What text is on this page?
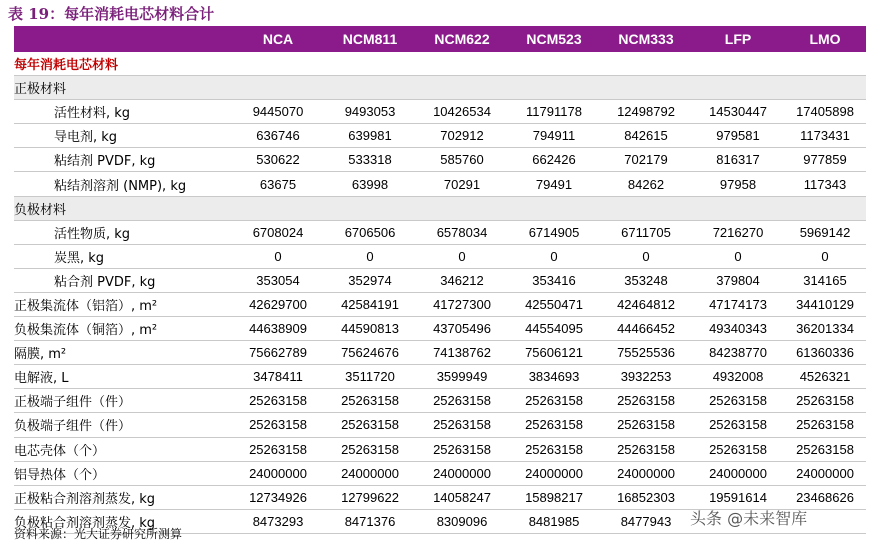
表 19：每年消耗电芯材料合计
	NCA	NCM811	NCM622	NCM523	NCM333	LFP	LMO
每年消耗电芯材料							
正极材料							
活性材料, kg	9445070	9493053	10426534	11791178	12498792	14530447	17405898
导电剂, kg	636746	639981	702912	794911	842615	979581	1173431
粘结剂 PVDF, kg	530622	533318	585760	662426	702179	816317	977859
粘结剂溶剂 (NMP), kg	63675	63998	70291	79491	84262	97958	117343
负极材料							
活性物质, kg	6708024	6706506	6578034	6714905	6711705	7216270	5969142
炭黑, kg	0	0	0	0	0	0	0
粘合剂 PVDF, kg	353054	352974	346212	353416	353248	379804	314165
正极集流体（铝箔）, m²	42629700	42584191	41727300	42550471	42464812	47174173	34410129
负极集流体（铜箔）, m²	44638909	44590813	43705496	44554095	44466452	49340343	36201334
隔膜, m²	75662789	75624676	74138762	75606121	75525536	84238770	61360336
电解液, L	3478411	3511720	3599949	3834693	3932253	4932008	4526321
正极端子组件（件）	25263158	25263158	25263158	25263158	25263158	25263158	25263158
负极端子组件（件）	25263158	25263158	25263158	25263158	25263158	25263158	25263158
电芯壳体（个）	25263158	25263158	25263158	25263158	25263158	25263158	25263158
铝导热体（个）	24000000	24000000	24000000	24000000	24000000	24000000	24000000
正极粘合剂溶剂蒸发, kg	12734926	12799622	14058247	15898217	16852303	19591614	23468626
负极粘合剂溶剂蒸发, kg	8473293	8471376	8309096	8481985	8477943		
资料来源：光大证券研究所测算
头条 @未来智库
